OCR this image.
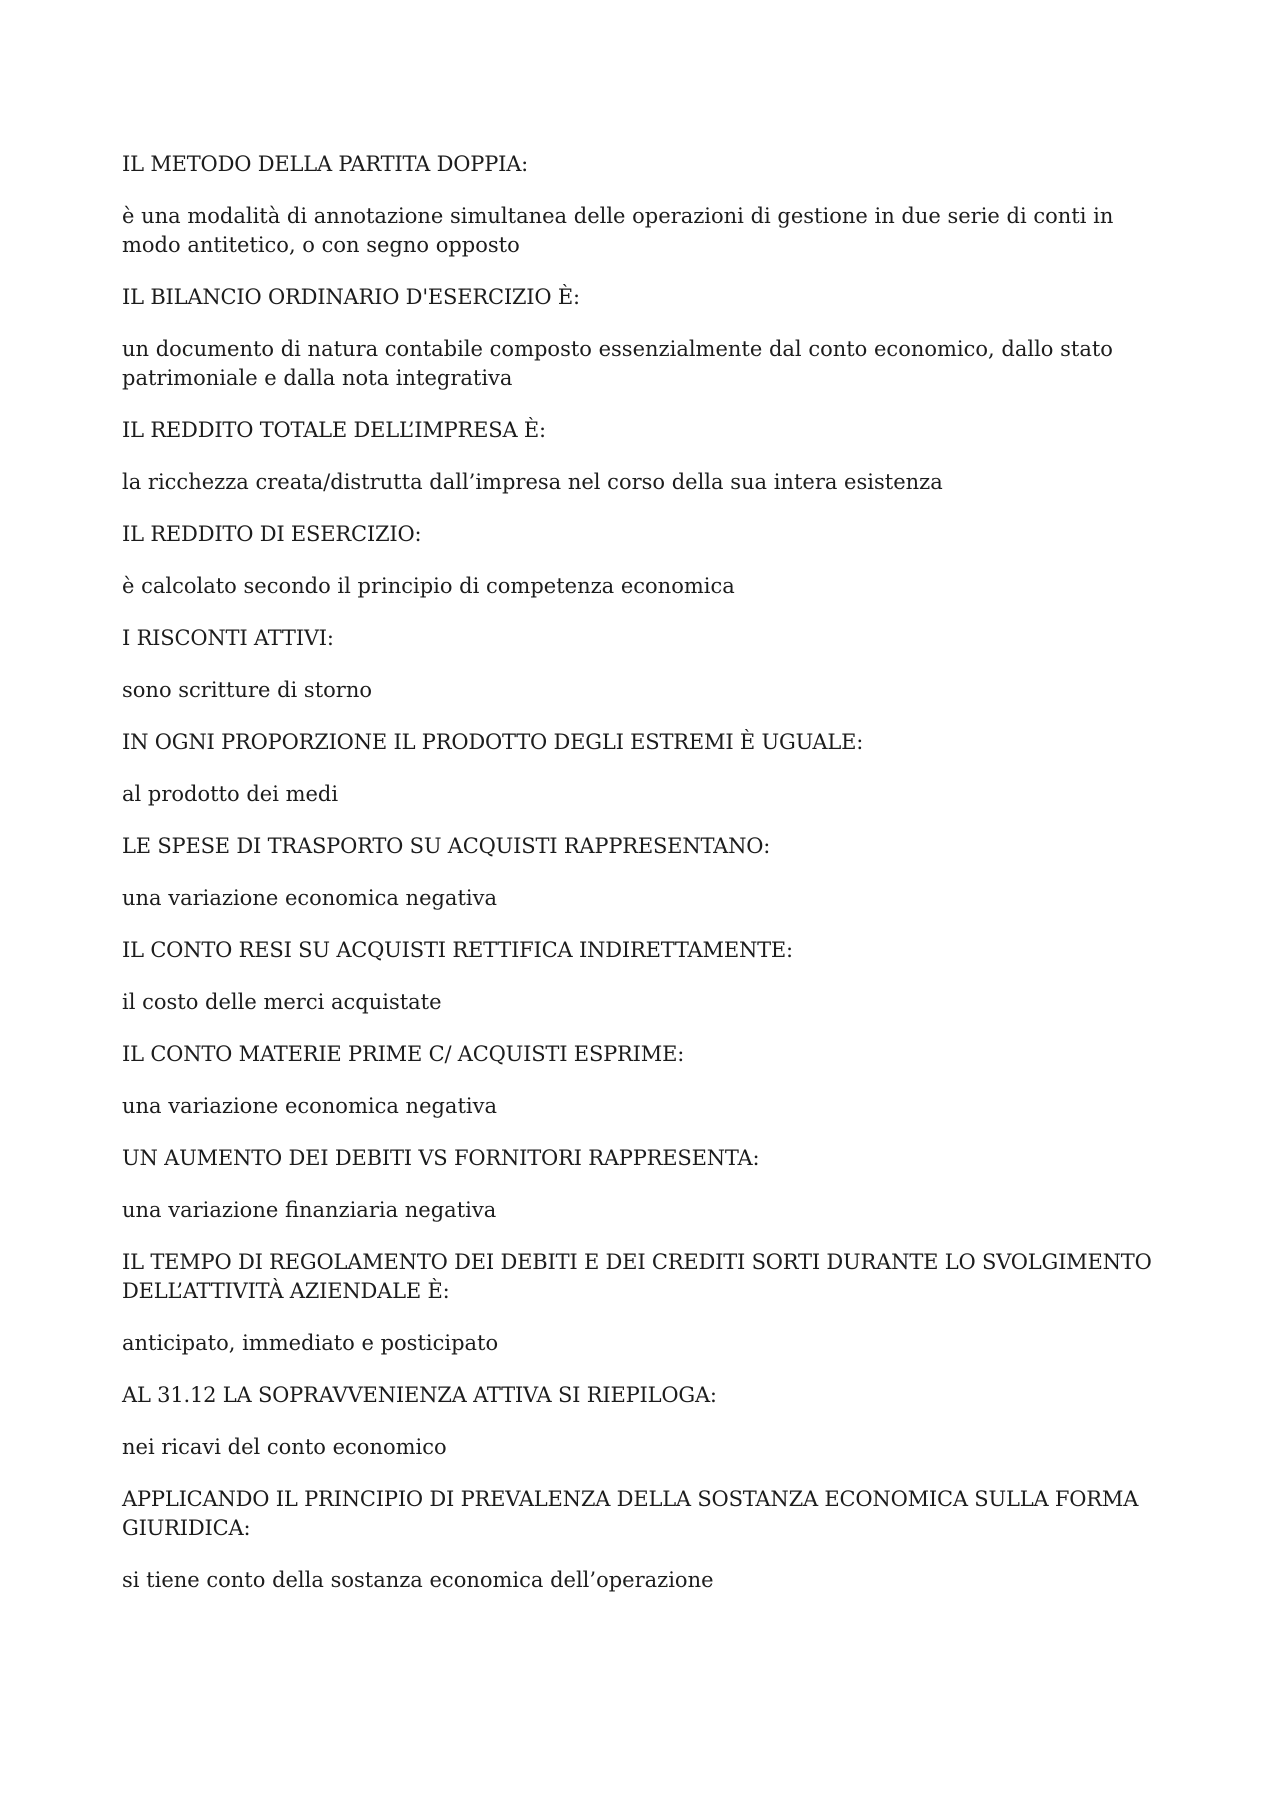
IL METODO DELLA PARTITA DOPPIA:

è una modalità di annotazione simultanea delle operazioni di gestione in due serie di conti in modo antitetico, o con segno opposto

IL BILANCIO ORDINARIO D'ESERCIZIO È:

un documento di natura contabile composto essenzialmente dal conto economico, dallo stato patrimoniale e dalla nota integrativa

IL REDDITO TOTALE DELL’IMPRESA È:

la ricchezza creata/distrutta dall’impresa nel corso della sua intera esistenza

IL REDDITO DI ESERCIZIO:

è calcolato secondo il principio di competenza economica

I RISCONTI ATTIVI:

sono scritture di storno

IN OGNI PROPORZIONE IL PRODOTTO DEGLI ESTREMI È UGUALE:

al prodotto dei medi

LE SPESE DI TRASPORTO SU ACQUISTI RAPPRESENTANO:

una variazione economica negativa

IL CONTO RESI SU ACQUISTI RETTIFICA INDIRETTAMENTE:

il costo delle merci acquistate

IL CONTO MATERIE PRIME C/ ACQUISTI ESPRIME:

una variazione economica negativa

UN AUMENTO DEI DEBITI VS FORNITORI RAPPRESENTA:

una variazione finanziaria negativa

IL TEMPO DI REGOLAMENTO DEI DEBITI E DEI CREDITI SORTI DURANTE LO SVOLGIMENTO DELL’ATTIVITÀ AZIENDALE È:

anticipato, immediato e posticipato

AL 31.12 LA SOPRAVVENIENZA ATTIVA SI RIEPILOGA:

nei ricavi del conto economico

APPLICANDO IL PRINCIPIO DI PREVALENZA DELLA SOSTANZA ECONOMICA SULLA FORMA GIURIDICA:

si tiene conto della sostanza economica dell’operazione
